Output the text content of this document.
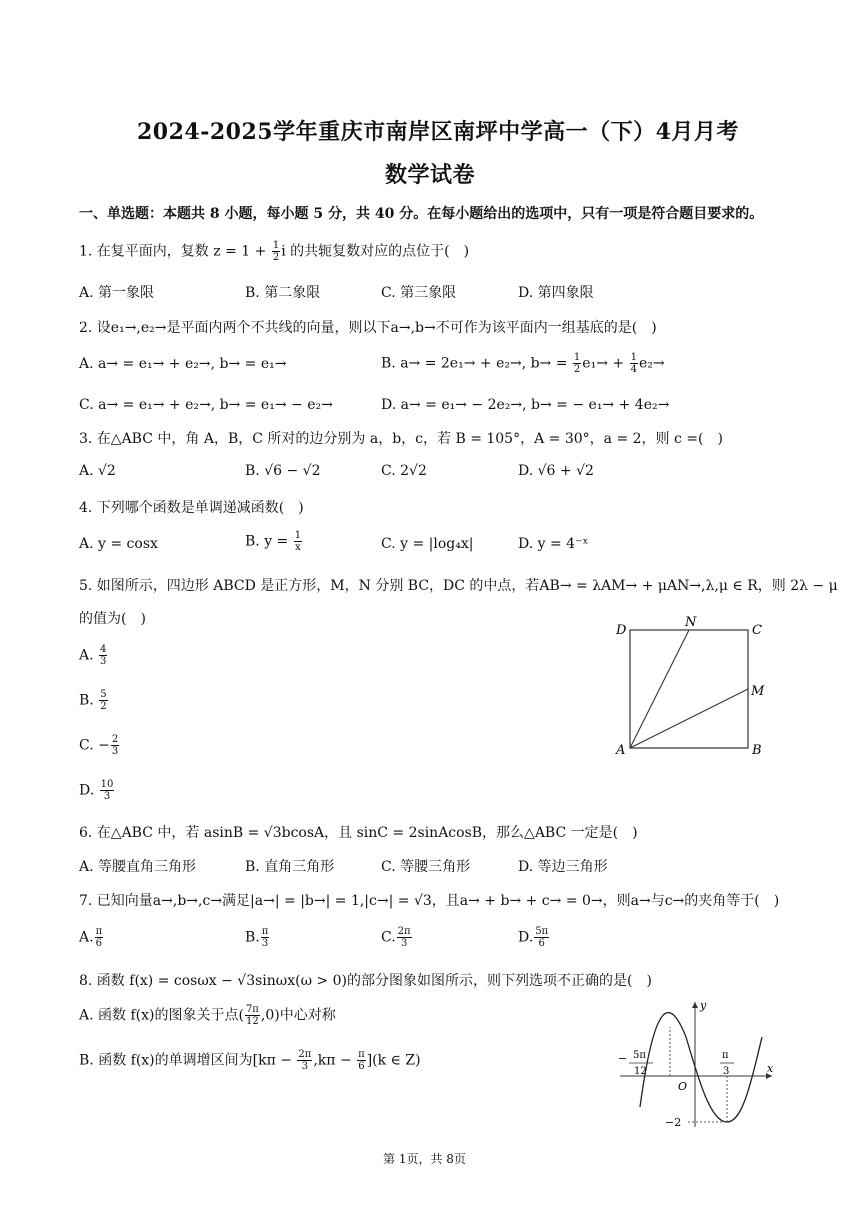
2024-2025学年重庆市南岸区南坪中学高一（下）4月月考
数学试卷
一、单选题：本题共 8 小题，每小题 5 分，共 40 分。在每小题给出的选项中，只有一项是符合题目要求的。
1. 在复平面内，复数 $z = 1 + \frac{1}{2}$ i 的共轭复数对应的点位于(　)
A. 第一象限	B. 第二象限	C. 第三象限	D. 第四象限
2. 设e₁→,e₂→是平面内两个不共线的向量，则以下a→,b→不可作为该平面内一组基底的是(　)
A. a→ = e₁→ + e₂→, b→ = e₁→	B. a→ = 2e₁→ + e₂→, $b\to = \frac{1}{2} e_1\to + \frac{1}{4} e_2\to$
C. a→ = e₁→ + e₂→, b→ = e₁→ − e₂→	D. a→ = e₁→ − 2e₂→, b→ = − e₁→ + 4e₂→
3. 在△ABC 中，角 A，B，C 所对的边分别为 a，b，c，若 B = 105°，A = 30°，a = 2，则 c =(　)
A. √2	B. √6 − √2	C. 2√2	D. √6 + √2
4. 下列哪个函数是单调递减函数(　)
A. y = cosx	B. $y = \frac{1}{x}$	C. y = |log₄x|	D. y = 4⁻ˣ
5. 如图所示，四边形 ABCD 是正方形，M，N 分别 BC，DC 的中点，若AB→ = λAM→ + μAN→,λ,μ ∈ R，则 2λ − μ
的值为(　)
A. $\frac{4}{3}$
B. $\frac{5}{2}$
C. − $\frac{2}{3}$
D. $\frac{10}{3}$
D
N
C
M
A	B
6. 在△ABC 中，若 asinB = √3bcosA，且 sinC = 2sinAcosB，那么△ABC 一定是(　)
A. 等腰直角三角形	B. 直角三角形	C. 等腰三角形	D. 等边三角形
7. 已知向量a→,b→,c→满足|a→| = |b→| = 1,|c→| = √3，且a→ + b→ + c→ = 0→，则a→与c→的夹角等于(　)
A. $\frac{\pi}{6}$	B. $\frac{\pi}{3}$	C. $\frac{2\pi}{3}$	D. $\frac{5\pi}{6}$
8. 函数 f(x) = cosωx − √3sinωx(ω > 0)的部分图象如图所示，则下列选项不正确的是(　)
A. 函数 f(x)的图象关于点( $\frac{7\pi}{12} ,0$)中心对称
B. 函数 f(x)的单调增区间为$[k\pi - \frac{2\pi}{3} ,k\pi - \frac{\pi}{6} ](k$ ∈ Z)
y
x
O
−2
− 5π
12
π
3
第 1页，共 8页
